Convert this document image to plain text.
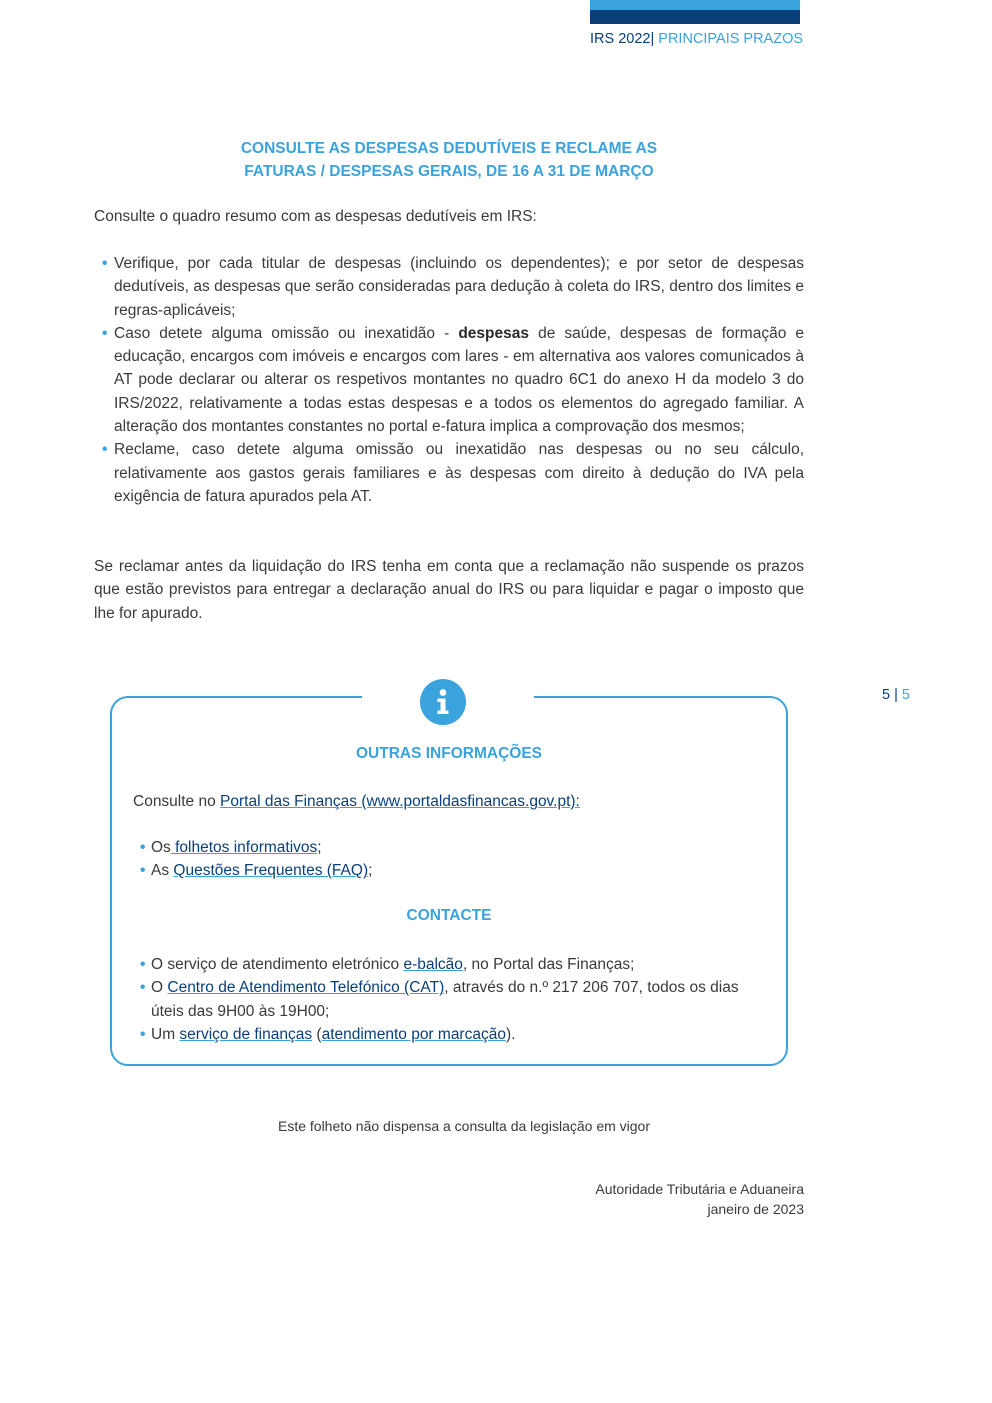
IRS 2022| PRINCIPAIS PRAZOS
CONSULTE AS DESPESAS DEDUTÍVEIS E RECLAME AS
FATURAS / DESPESAS GERAIS, DE 16 A 31 DE MARÇO
Consulte o quadro resumo com as despesas dedutíveis em IRS:
• Verifique, por cada titular de despesas (incluindo os dependentes); e por setor de despesas dedutíveis, as despesas que serão consideradas para dedução à coleta do IRS, dentro dos limites e regras-aplicáveis;
• Caso detete alguma omissão ou inexatidão - despesas de saúde, despesas de formação e educação, encargos com imóveis e encargos com lares - em alternativa aos valores comunicados à AT pode declarar ou alterar os respetivos montantes no quadro 6C1 do anexo H da modelo 3 do IRS/2022, relativamente a todas estas despesas e a todos os elementos do agregado familiar. A alteração dos montantes constantes no portal e-fatura implica a comprovação dos mesmos;
• Reclame, caso detete alguma omissão ou inexatidão nas despesas ou no seu cálculo, relativamente aos gastos gerais familiares e às despesas com direito à dedução do IVA pela exigência de fatura apurados pela AT.
Se reclamar antes da liquidação do IRS tenha em conta que a reclamação não suspende os prazos que estão previstos para entregar a declaração anual do IRS ou para liquidar e pagar o imposto que lhe for apurado.
5 | 5
OUTRAS INFORMAÇÕES
Consulte no Portal das Finanças (www.portaldasfinancas.gov.pt):
• Os folhetos informativos;
• As Questões Frequentes (FAQ);
CONTACTE
• O serviço de atendimento eletrónico e-balcão, no Portal das Finanças;
• O Centro de Atendimento Telefónico (CAT), através do n.º 217 206 707, todos os dias
úteis das 9H00 às 19H00;
• Um serviço de finanças (atendimento por marcação).
Este folheto não dispensa a consulta da legislação em vigor
Autoridade Tributária e Aduaneira
janeiro de 2023
